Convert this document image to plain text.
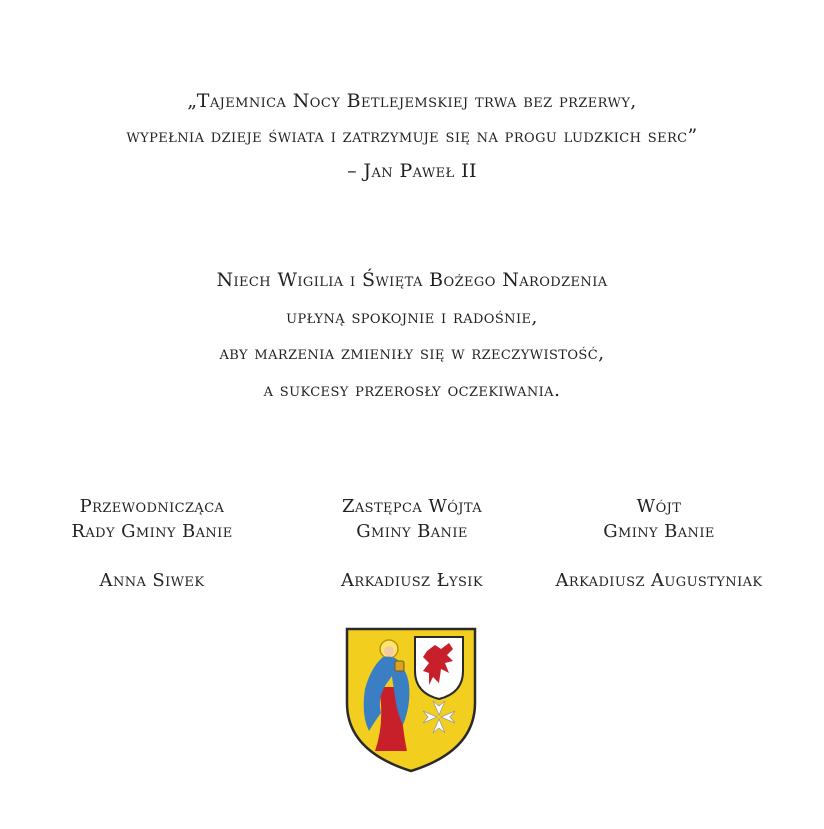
„Tajemnica Nocy Betlejemskiej trwa bez przerwy,
wypełnia dzieje świata i zatrzymuje się na progu ludzkich serc”
– Jan Paweł II
Niech Wigilia i Święta Bożego Narodzenia
upłyną spokojnie i radośnie,
aby marzenia zmieniły się w rzeczywistość,
a sukcesy przerosły oczekiwania.
Przewodnicząca
Rady Gminy Banie
Anna Siwek
Zastępca Wójta
Gminy Banie
Arkadiusz Łysik
Wójt
Gminy Banie
Arkadiusz Augustyniak
